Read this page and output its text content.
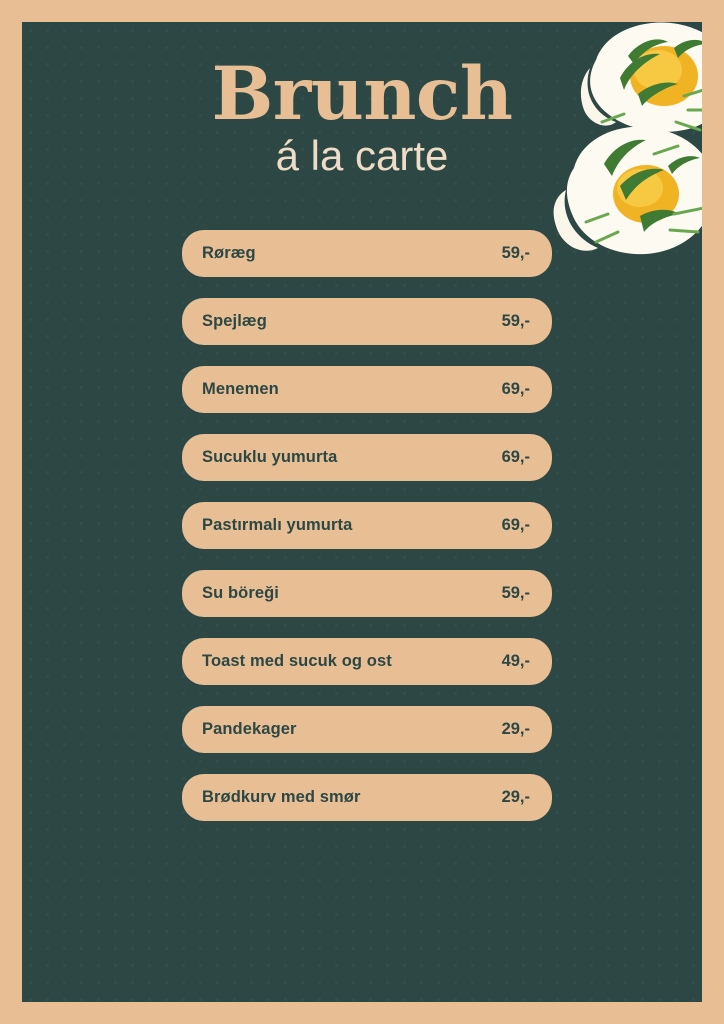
Brunch
á la carte
Røræg	59,-
Spejlæg	59,-
Menemen	69,-
Sucuklu yumurta	69,-
Pastırmalı yumurta	69,-
Su böreği	59,-
Toast med sucuk og ost	49,-
Pandekager	29,-
Brødkurv med smør	29,-
